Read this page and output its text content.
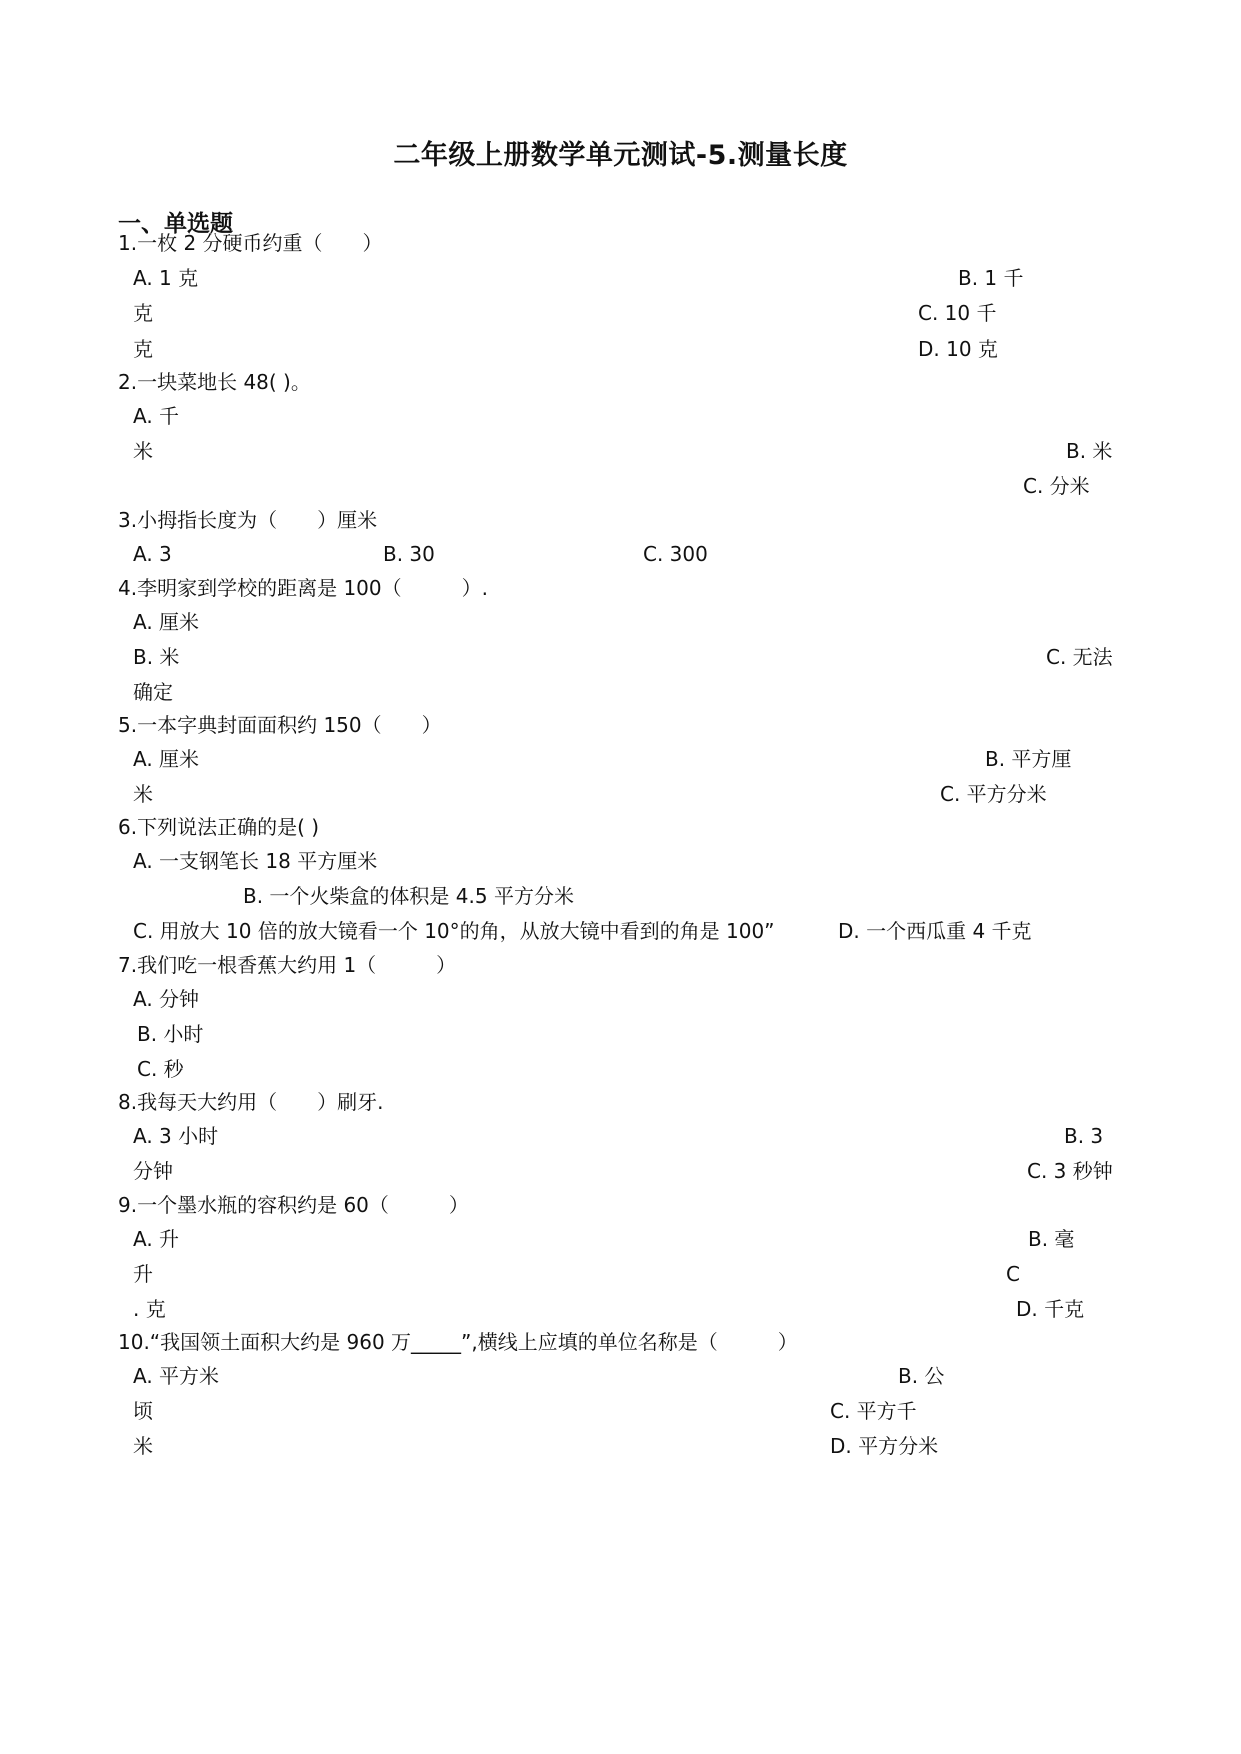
二年级上册数学单元测试-5.测量长度
一、单选题
1.一枚 2 分硬币约重（　　）
A. 1 克	B. 1 千
克	C. 10 千
克	D. 10 克
2.一块菜地长 48( )。
A. 千
米	B. 米
C. 分米
3.小拇指长度为（　　）厘米
A. 3	B. 30	C. 300
4.李明家到学校的距离是 100（　　　）.
A. 厘米
B. 米	C. 无法
确定
5.一本字典封面面积约 150（　　）
A. 厘米	B. 平方厘
米	C. 平方分米
6.下列说法正确的是( )
A. 一支钢笔长 18 平方厘米
B. 一个火柴盒的体积是 4.5 平方分米
C. 用放大 10 倍的放大镜看一个 10°的角，从放大镜中看到的角是 100”	D. 一个西瓜重 4 千克
7.我们吃一根香蕉大约用 1（　　　）
A. 分钟
B. 小时
C. 秒
8.我每天大约用（　　）刷牙.
A. 3 小时	B. 3
分钟	C. 3 秒钟
9.一个墨水瓶的容积约是 60（　　　）
A. 升	B. 毫
升	C
. 克	D. 千克
10.“我国领土面积大约是 960 万_____”,横线上应填的单位名称是（　　　）
A. 平方米	B. 公
顷	C. 平方千
米	D. 平方分米
